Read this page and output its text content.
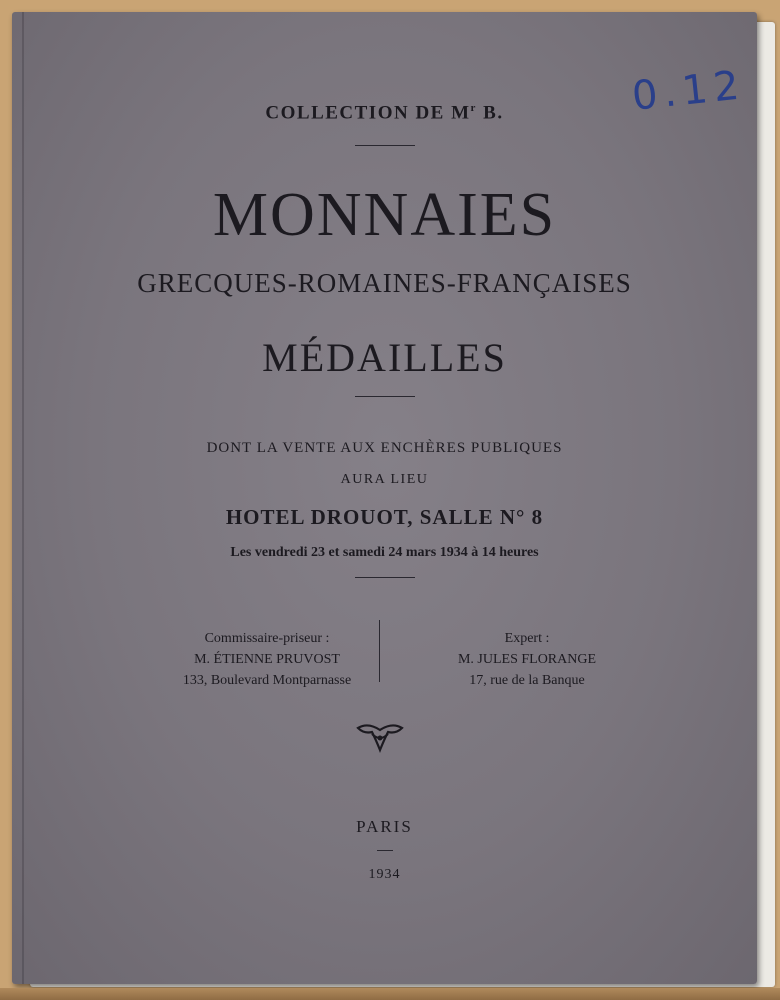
0.12
COLLECTION DE $M^r$ B.
MONNAIES
GRECQUES-ROMAINES-FRANÇAISES
MÉDAILLES
DONT LA VENTE AUX ENCHÈRES PUBLIQUES
AURA LIEU
HOTEL DROUOT, SALLE N° 8
Les vendredi 23 et samedi 24 mars 1934 à 14 heures
Commissaire-priseur :
M. ÉTIENNE PRUVOST
133, Boulevard Montparnasse
Expert :
M. JULES FLORANGE
17, rue de la Banque
PARIS
1934
